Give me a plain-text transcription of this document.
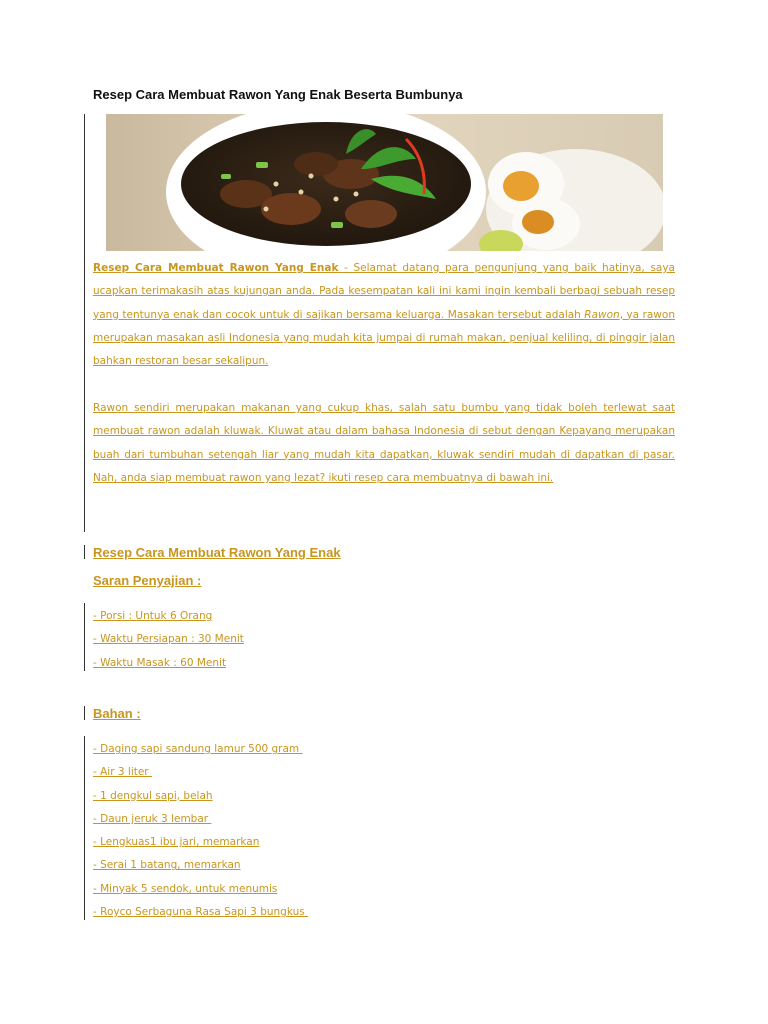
Resep Cara Membuat Rawon Yang Enak Beserta Bumbunya

Resep Cara Membuat Rawon Yang Enak - Selamat datang para pengunjung yang baik hatinya, saya ucapkan terimakasih atas kujungan anda. Pada kesempatan kali ini kami ingin kembali berbagi sebuah resep yang tentunya enak dan cocok untuk di sajikan bersama keluarga. Masakan tersebut adalah Rawon, ya rawon merupakan masakan asli Indonesia yang mudah kita jumpai di rumah makan, penjual keliling, di pinggir jalan bahkan restoran besar sekalipun.

Rawon sendiri merupakan makanan yang cukup khas, salah satu bumbu yang tidak boleh terlewat saat membuat rawon adalah kluwak. Kluwat atau dalam bahasa Indonesia di sebut dengan Kepayang merupakan buah dari tumbuhan setengah liar yang mudah kita dapatkan, kluwak sendiri mudah di dapatkan di pasar. Nah, anda siap membuat rawon yang lezat? ikuti resep cara membuatnya di bawah ini.

Resep Cara Membuat Rawon Yang Enak
Saran Penyajian :
- Porsi : Untuk 6 Orang
- Waktu Persiapan : 30 Menit
- Waktu Masak : 60 Menit
Bahan :
- Daging sapi sandung lamur 500 gram
- Air 3 liter
- 1 dengkul sapi, belah
- Daun jeruk 3 lembar
- Lengkuas1 ibu jari, memarkan
- Serai 1 batang, memarkan
- Minyak 5 sendok, untuk menumis
- Royco Serbaguna Rasa Sapi 3 bungkus
